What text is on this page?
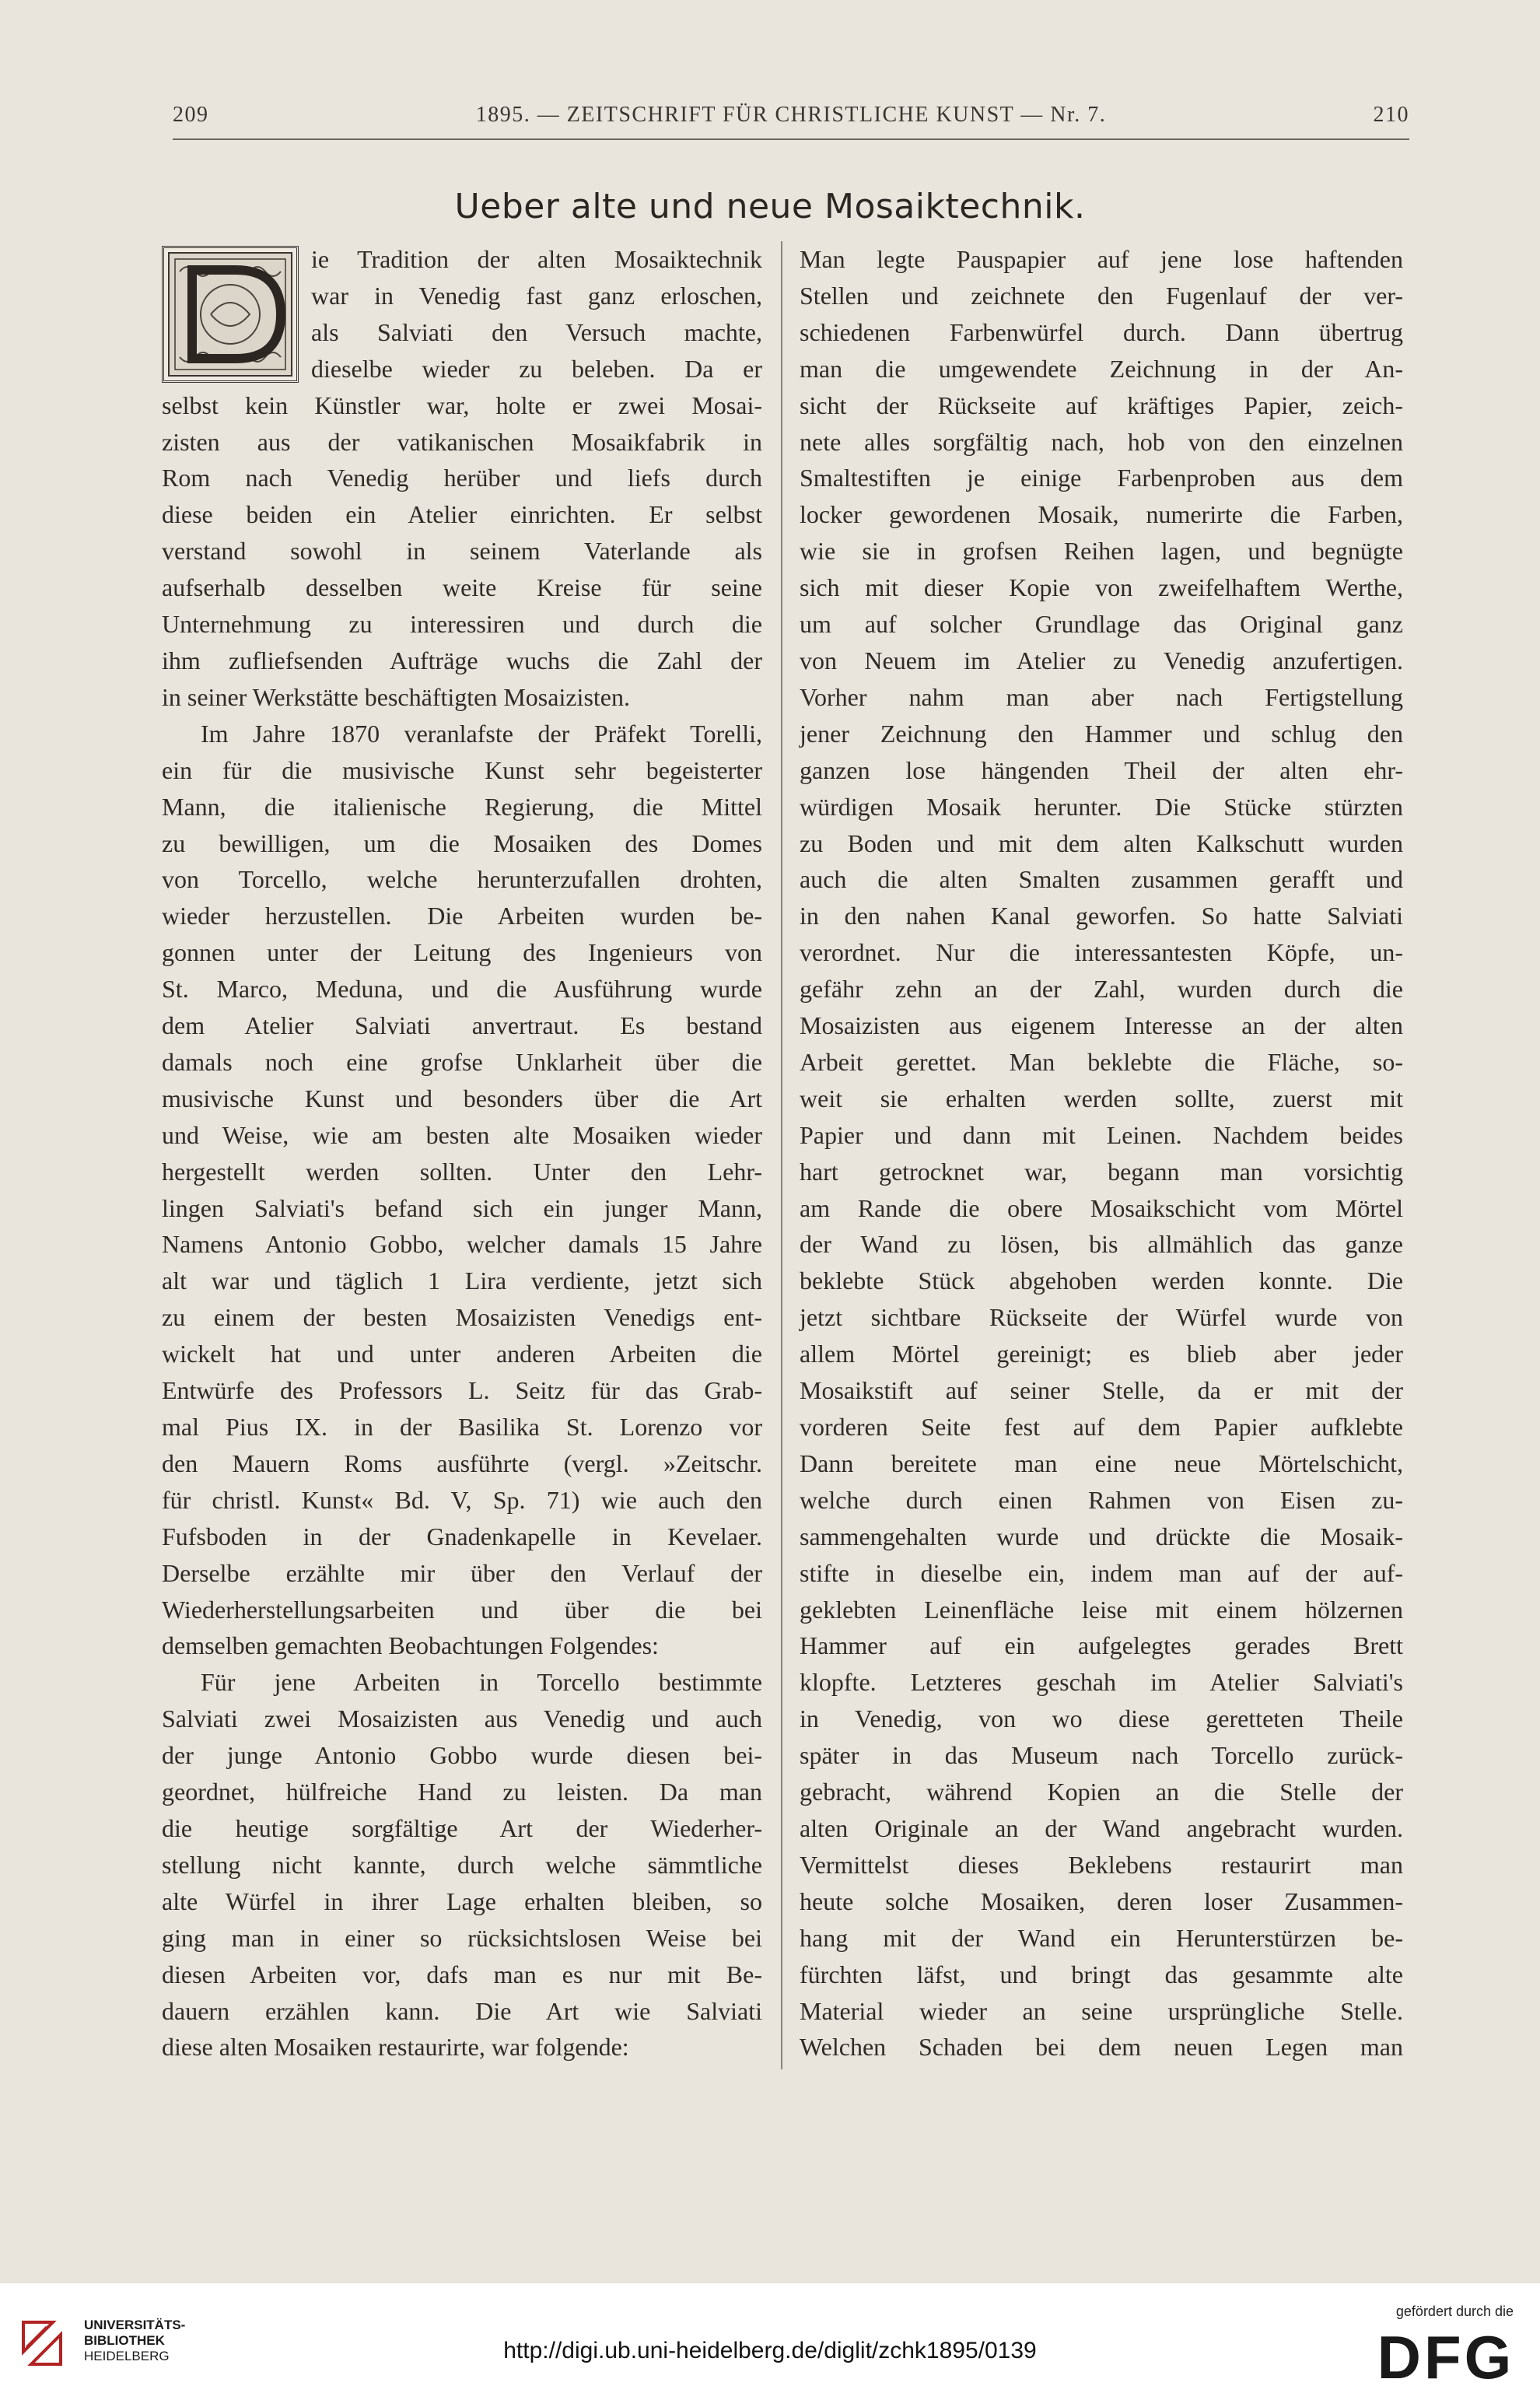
209	1895. — ZEITSCHRIFT FÜR CHRISTLICHE KUNST — Nr. 7.	210
Ueber alte und neue Mosaiktechnik.
ie Tradition der alten Mosaiktechnik
war in Venedig fast ganz erloschen,
als Salviati den Versuch machte,
dieselbe wieder zu beleben. Da er
selbst kein Künstler war, holte er zwei Mosai-
zisten aus der vatikanischen Mosaikfabrik in
Rom nach Venedig herüber und liefs durch
diese beiden ein Atelier einrichten. Er selbst
verstand sowohl in seinem Vaterlande als
aufserhalb desselben weite Kreise für seine
Unternehmung zu interessiren und durch die
ihm zufliefsenden Aufträge wuchs die Zahl der
in seiner Werkstätte beschäftigten Mosaizisten.
Im Jahre 1870 veranlafste der Präfekt Torelli,
ein für die musivische Kunst sehr begeisterter
Mann, die italienische Regierung, die Mittel
zu bewilligen, um die Mosaiken des Domes
von Torcello, welche herunterzufallen drohten,
wieder herzustellen. Die Arbeiten wurden be-
gonnen unter der Leitung des Ingenieurs von
St. Marco, Meduna, und die Ausführung wurde
dem Atelier Salviati anvertraut. Es bestand
damals noch eine grofse Unklarheit über die
musivische Kunst und besonders über die Art
und Weise, wie am besten alte Mosaiken wieder
hergestellt werden sollten. Unter den Lehr-
lingen Salviati's befand sich ein junger Mann,
Namens Antonio Gobbo, welcher damals 15 Jahre
alt war und täglich 1 Lira verdiente, jetzt sich
zu einem der besten Mosaizisten Venedigs ent-
wickelt hat und unter anderen Arbeiten die
Entwürfe des Professors L. Seitz für das Grab-
mal Pius IX. in der Basilika St. Lorenzo vor
den Mauern Roms ausführte (vergl. »Zeitschr.
für christl. Kunst« Bd. V, Sp. 71) wie auch den
Fufsboden in der Gnadenkapelle in Kevelaer.
Derselbe erzählte mir über den Verlauf der
Wiederherstellungsarbeiten und über die bei
demselben gemachten Beobachtungen Folgendes:
Für jene Arbeiten in Torcello bestimmte
Salviati zwei Mosaizisten aus Venedig und auch
der junge Antonio Gobbo wurde diesen bei-
geordnet, hülfreiche Hand zu leisten. Da man
die heutige sorgfältige Art der Wiederher-
stellung nicht kannte, durch welche sämmtliche
alte Würfel in ihrer Lage erhalten bleiben, so
ging man in einer so rücksichtslosen Weise bei
diesen Arbeiten vor, dafs man es nur mit Be-
dauern erzählen kann. Die Art wie Salviati
diese alten Mosaiken restaurirte, war folgende:
Man legte Pauspapier auf jene lose haftenden
Stellen und zeichnete den Fugenlauf der ver-
schiedenen Farbenwürfel durch. Dann übertrug
man die umgewendete Zeichnung in der An-
sicht der Rückseite auf kräftiges Papier, zeich-
nete alles sorgfältig nach, hob von den einzelnen
Smaltestiften je einige Farbenproben aus dem
locker gewordenen Mosaik, numerirte die Farben,
wie sie in grofsen Reihen lagen, und begnügte
sich mit dieser Kopie von zweifelhaftem Werthe,
um auf solcher Grundlage das Original ganz
von Neuem im Atelier zu Venedig anzufertigen.
Vorher nahm man aber nach Fertigstellung
jener Zeichnung den Hammer und schlug den
ganzen lose hängenden Theil der alten ehr-
würdigen Mosaik herunter. Die Stücke stürzten
zu Boden und mit dem alten Kalkschutt wurden
auch die alten Smalten zusammen gerafft und
in den nahen Kanal geworfen. So hatte Salviati
verordnet. Nur die interessantesten Köpfe, un-
gefähr zehn an der Zahl, wurden durch die
Mosaizisten aus eigenem Interesse an der alten
Arbeit gerettet. Man beklebte die Fläche, so-
weit sie erhalten werden sollte, zuerst mit
Papier und dann mit Leinen. Nachdem beides
hart getrocknet war, begann man vorsichtig
am Rande die obere Mosaikschicht vom Mörtel
der Wand zu lösen, bis allmählich das ganze
beklebte Stück abgehoben werden konnte. Die
jetzt sichtbare Rückseite der Würfel wurde von
allem Mörtel gereinigt; es blieb aber jeder
Mosaikstift auf seiner Stelle, da er mit der
vorderen Seite fest auf dem Papier aufklebte
Dann bereitete man eine neue Mörtelschicht,
welche durch einen Rahmen von Eisen zu-
sammengehalten wurde und drückte die Mosaik-
stifte in dieselbe ein, indem man auf der auf-
geklebten Leinenfläche leise mit einem hölzernen
Hammer auf ein aufgelegtes gerades Brett
klopfte. Letzteres geschah im Atelier Salviati's
in Venedig, von wo diese geretteten Theile
später in das Museum nach Torcello zurück-
gebracht, während Kopien an die Stelle der
alten Originale an der Wand angebracht wurden.
Vermittelst dieses Beklebens restaurirt man
heute solche Mosaiken, deren loser Zusammen-
hang mit der Wand ein Herunterstürzen be-
fürchten läfst, und bringt das gesammte alte
Material wieder an seine ursprüngliche Stelle.
Welchen Schaden bei dem neuen Legen man
UNIVERSITÄTS-
BIBLIOTHEK
HEIDELBERG	http://digi.ub.uni-heidelberg.de/diglit/zchk1895/0139
gefördert durch die
DFG
